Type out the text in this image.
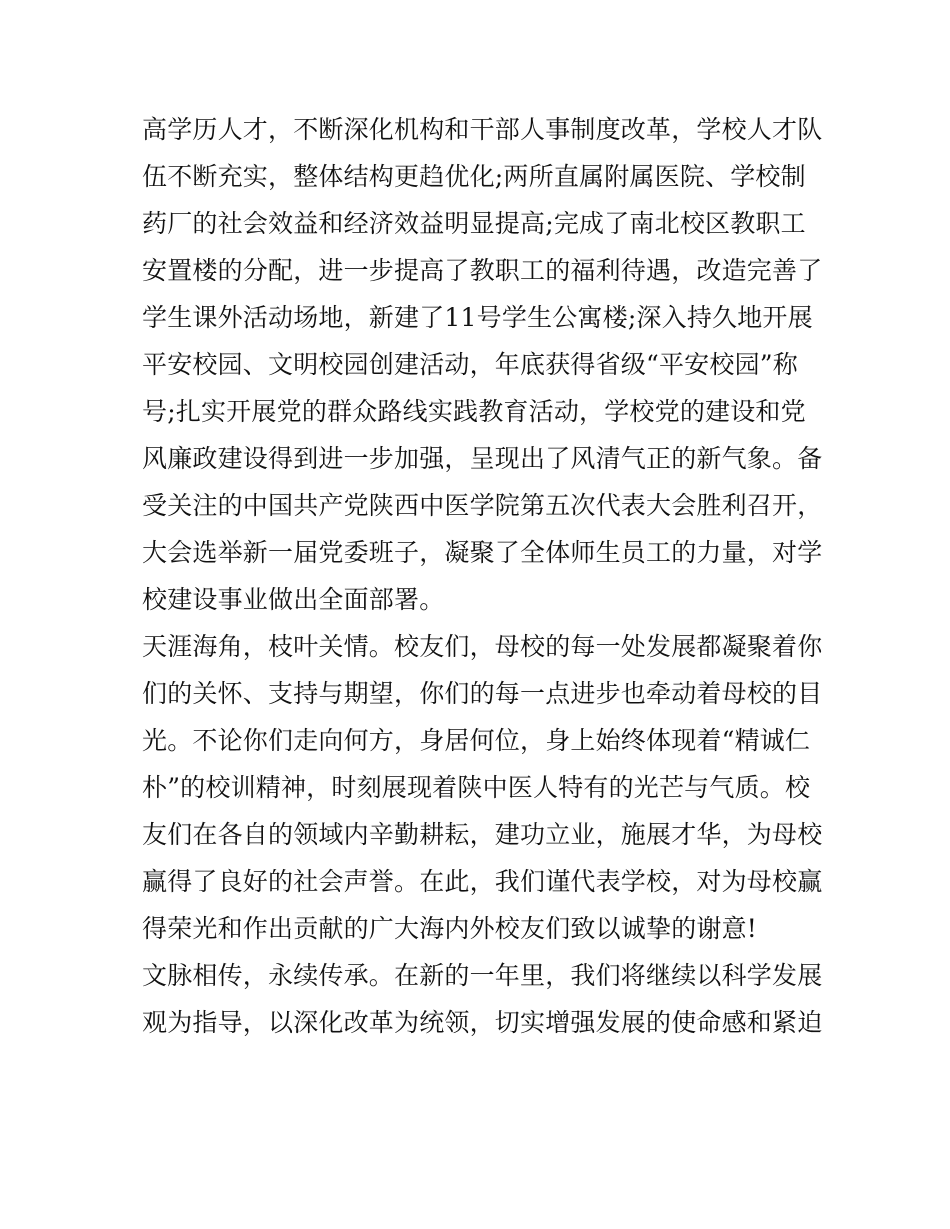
高学历人才，不断深化机构和干部人事制度改革，学校人才队
伍不断充实，整体结构更趋优化;两所直属附属医院、学校制
药厂的社会效益和经济效益明显提高;完成了南北校区教职工
安置楼的分配，进一步提高了教职工的福利待遇，改造完善了
学生课外活动场地，新建了11号学生公寓楼;深入持久地开展
平安校园、文明校园创建活动，年底获得省级“平安校园”称
号;扎实开展党的群众路线实践教育活动，学校党的建设和党
风廉政建设得到进一步加强，呈现出了风清气正的新气象。备
受关注的中国共产党陕西中医学院第五次代表大会胜利召开，
大会选举新一届党委班子，凝聚了全体师生员工的力量，对学
校建设事业做出全面部署。
天涯海角，枝叶关情。校友们，母校的每一处发展都凝聚着你
们的关怀、支持与期望，你们的每一点进步也牵动着母校的目
光。不论你们走向何方，身居何位，身上始终体现着“精诚仁
朴”的校训精神，时刻展现着陕中医人特有的光芒与气质。校
友们在各自的领域内辛勤耕耘，建功立业，施展才华，为母校
赢得了良好的社会声誉。在此，我们谨代表学校，对为母校赢
得荣光和作出贡献的广大海内外校友们致以诚挚的谢意!
文脉相传，永续传承。在新的一年里，我们将继续以科学发展
观为指导，以深化改革为统领，切实增强发展的使命感和紧迫
